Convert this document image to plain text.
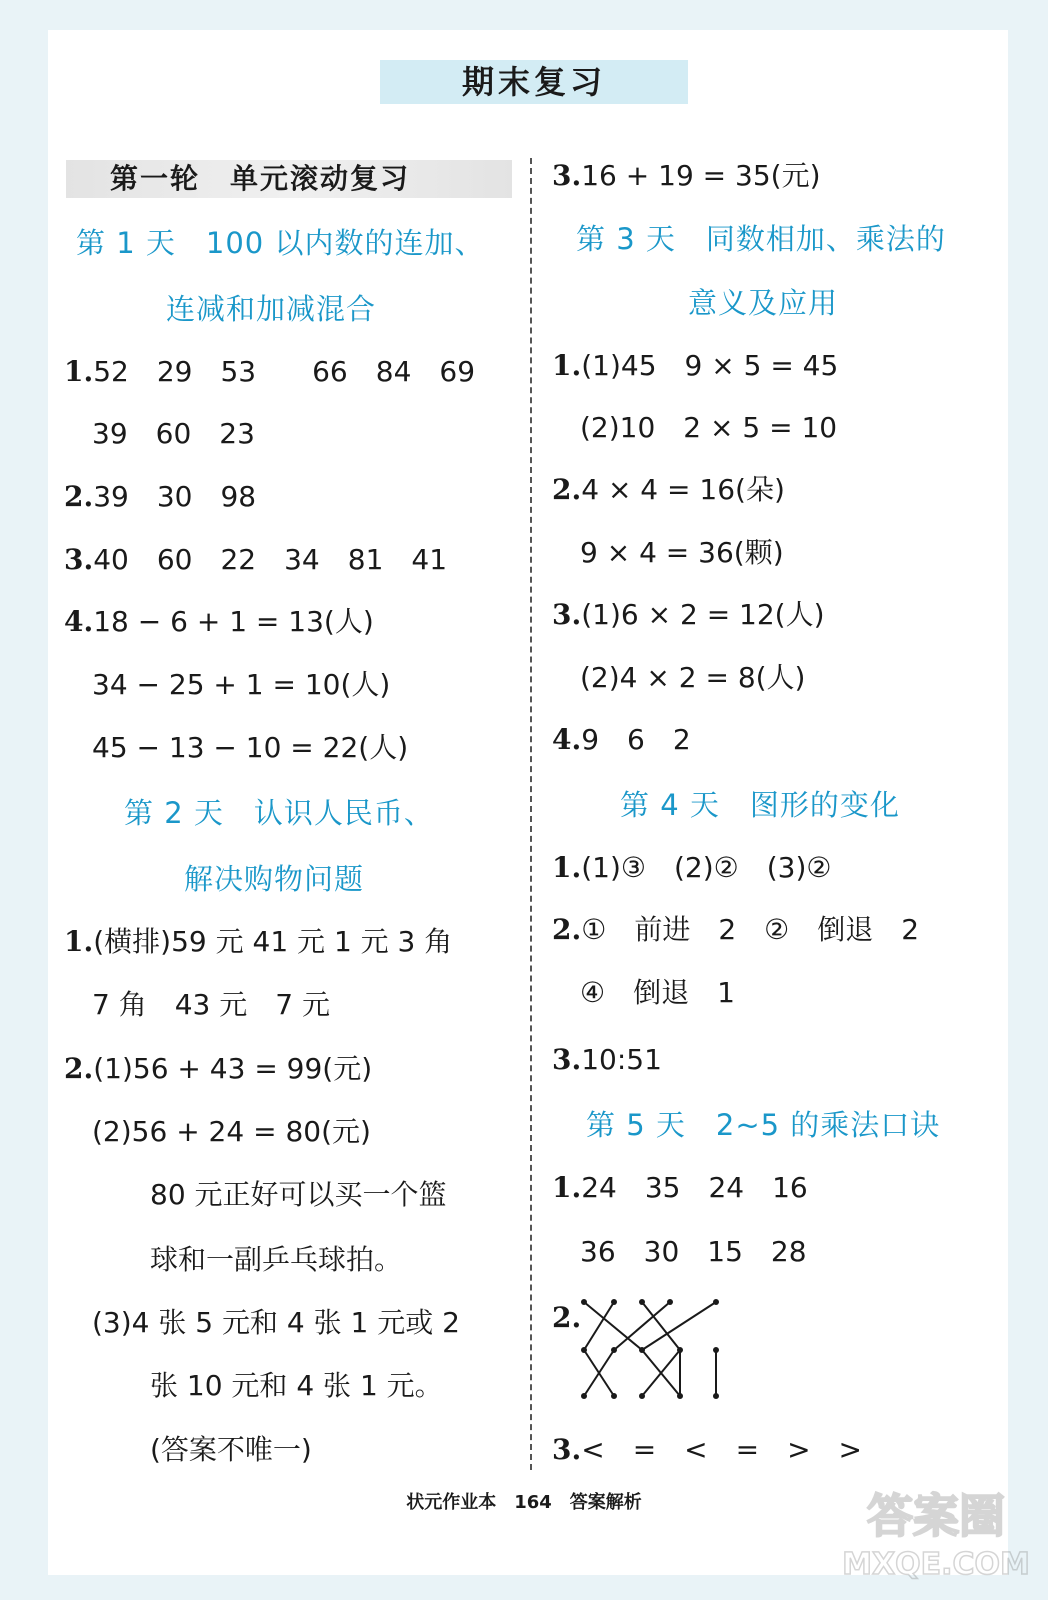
期末复习
第一轮　单元滚动复习
第 1 天　100 以内数的连加、
连减和加减混合
1.52　29　53　　66　84　69
39　60　23
2.39　30　98
3.40　60　22　34　81　41
4.18 − 6 + 1 = 13(人)
34 − 25 + 1 = 10(人)
45 − 13 − 10 = 22(人)
第 2 天　认识人民币、
解决购物问题
1.(横排)59 元 41 元 1 元 3 角
7 角　43 元　7 元
2.(1)56 + 43 = 99(元)
(2)56 + 24 = 80(元)
80 元正好可以买一个篮
球和一副乒乓球拍。
(3)4 张 5 元和 4 张 1 元或 2
张 10 元和 4 张 1 元。
(答案不唯一)
3.16 + 19 = 35(元)
第 3 天　同数相加、乘法的
意义及应用
1.(1)45　9 × 5 = 45
(2)10　2 × 5 = 10
2.4 × 4 = 16(朵)
9 × 4 = 36(颗)
3.(1)6 × 2 = 12(人)
(2)4 × 2 = 8(人)
4.9　6　2
第 4 天　图形的变化
1.(1)③　(2)②　(3)②
2.①　前进　2　②　倒退　2
④　倒退　1
3.10:51
第 5 天　2~5 的乘法口诀
1.24　35　24　16
36　30　15　28
2.
3.<　=　<　=　>　>
状元作业本　164　答案解析	答案圈
MXQE.COM
